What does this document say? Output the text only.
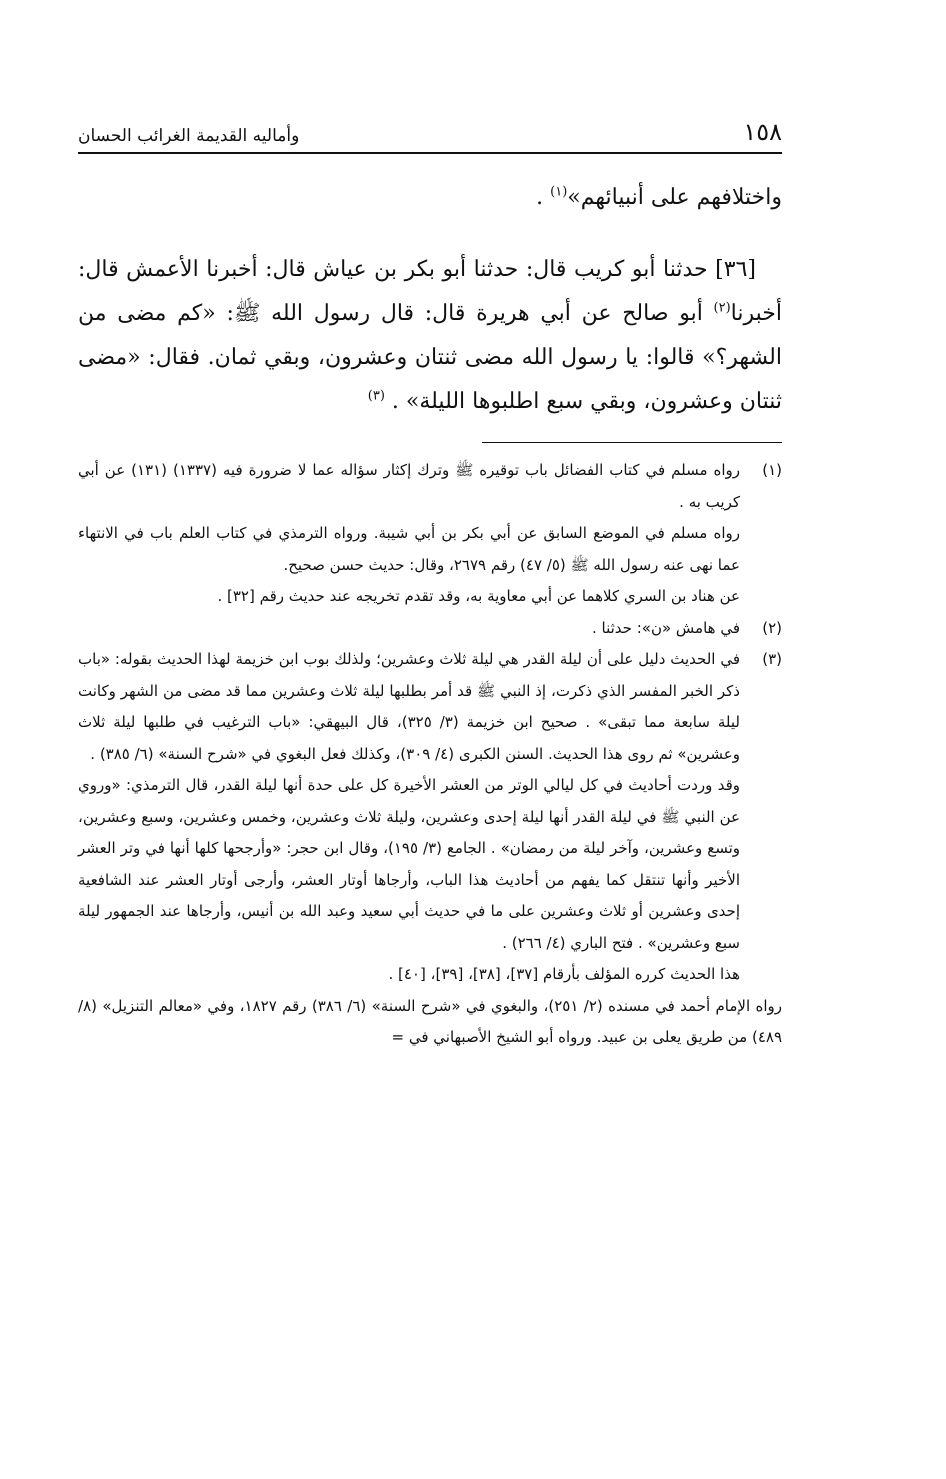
١٥٨
وأماليه القديمة الغرائب الحسان

واختلافهم على أنبيائهم»$^{(١)}$ .

[٣٦] حدثنا أبو كريب قال: حدثنا أبو بكر بن عياش قال: أخبرنا الأعمش قال: أخبرنا$^{(٢)}$ أبو صالح عن أبي هريرة قال: قال رسول الله ﷺ: «كم مضى من الشهر؟» قالوا: يا رسول الله مضى ثنتان وعشرون، وبقي ثمان. فقال: «مضى ثنتان وعشرون، وبقي سبع اطلبوها الليلة» . $^{(٣)}$

(١)

رواه مسلم في كتاب الفضائل باب توقيره ﷺ وترك إكثار سؤاله عما لا ضرورة فيه (١٣٣٧) (١٣١) عن أبي كريب به .

رواه مسلم في الموضع السابق عن أبي بكر بن أبي شيبة. ورواه الترمذي في كتاب العلم باب في الانتهاء عما نهى عنه رسول الله ﷺ (٥/ ٤٧) رقم ٢٦٧٩، وقال: حديث حسن صحيح.

عن هناد بن السري كلاهما عن أبي معاوية به، وقد تقدم تخريجه عند حديث رقم [٣٢] .

(٢)

في هامش «ن»: حدثنا .

(٣)

في الحديث دليل على أن ليلة القدر هي ليلة ثلاث وعشرين؛ ولذلك بوب ابن خزيمة لهذا الحديث بقوله: «باب ذكر الخبر المفسر الذي ذكرت، إذ النبي ﷺ قد أمر بطلبها ليلة ثلاث وعشرين مما قد مضى من الشهر وكانت ليلة سابعة مما تبقى» . صحيح ابن خزيمة (٣/ ٣٢٥)، قال البيهقي: «باب الترغيب في طلبها ليلة ثلاث وعشرين» ثم روى هذا الحديث. السنن الكبرى (٤/ ٣٠٩)، وكذلك فعل البغوي في «شرح السنة» (٦/ ٣٨٥) .

وقد وردت أحاديث في كل ليالي الوتر من العشر الأخيرة كل على حدة أنها ليلة القدر، قال الترمذي: «وروي عن النبي ﷺ في ليلة القدر أنها ليلة إحدى وعشرين، وليلة ثلاث وعشرين، وخمس وعشرين، وسبع وعشرين، وتسع وعشرين، وآخر ليلة من رمضان» . الجامع (٣/ ١٩٥)، وقال ابن حجر: «وأرجحها كلها أنها في وتر العشر الأخير وأنها تنتقل كما يفهم من أحاديث هذا الباب، وأرجاها أوتار العشر، وأرجى أوتار العشر عند الشافعية إحدى وعشرين أو ثلاث وعشرين على ما في حديث أبي سعيد وعبد الله بن أنيس، وأرجاها عند الجمهور ليلة سبع وعشرين» . فتح الباري (٤/ ٢٦٦) .

هذا الحديث كرره المؤلف بأرقام [٣٧]، [٣٨]، [٣٩]، [٤٠] .

رواه الإمام أحمد في مسنده (٢/ ٢٥١)، والبغوي في «شرح السنة» (٦/ ٣٨٦) رقم ١٨٢٧، وفي «معالم التنزيل» (٨/ ٤٨٩) من طريق يعلى بن عبيد. ورواه أبو الشيخ الأصبهاني في =
